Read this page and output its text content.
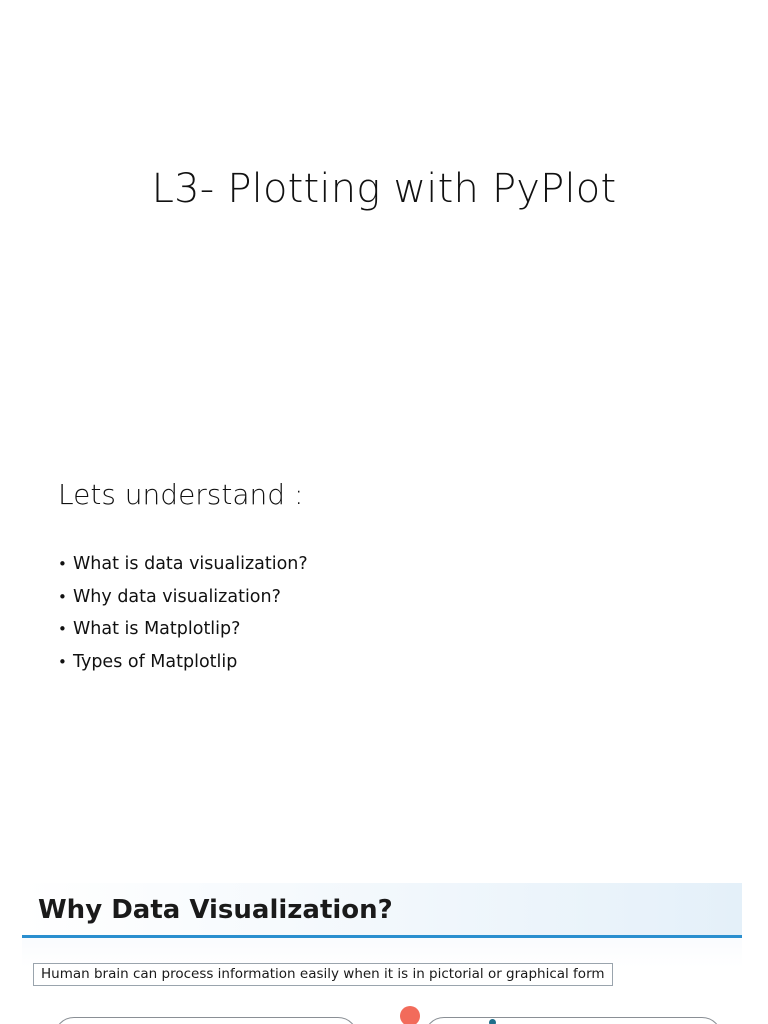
L3- Plotting with PyPlot
Lets understand :
• What is data visualization?
• Why data visualization?
• What is Matplotlip?
• Types of Matplotlip
Why Data Visualization?
Human brain can process information easily when it is in pictorial or graphical form
